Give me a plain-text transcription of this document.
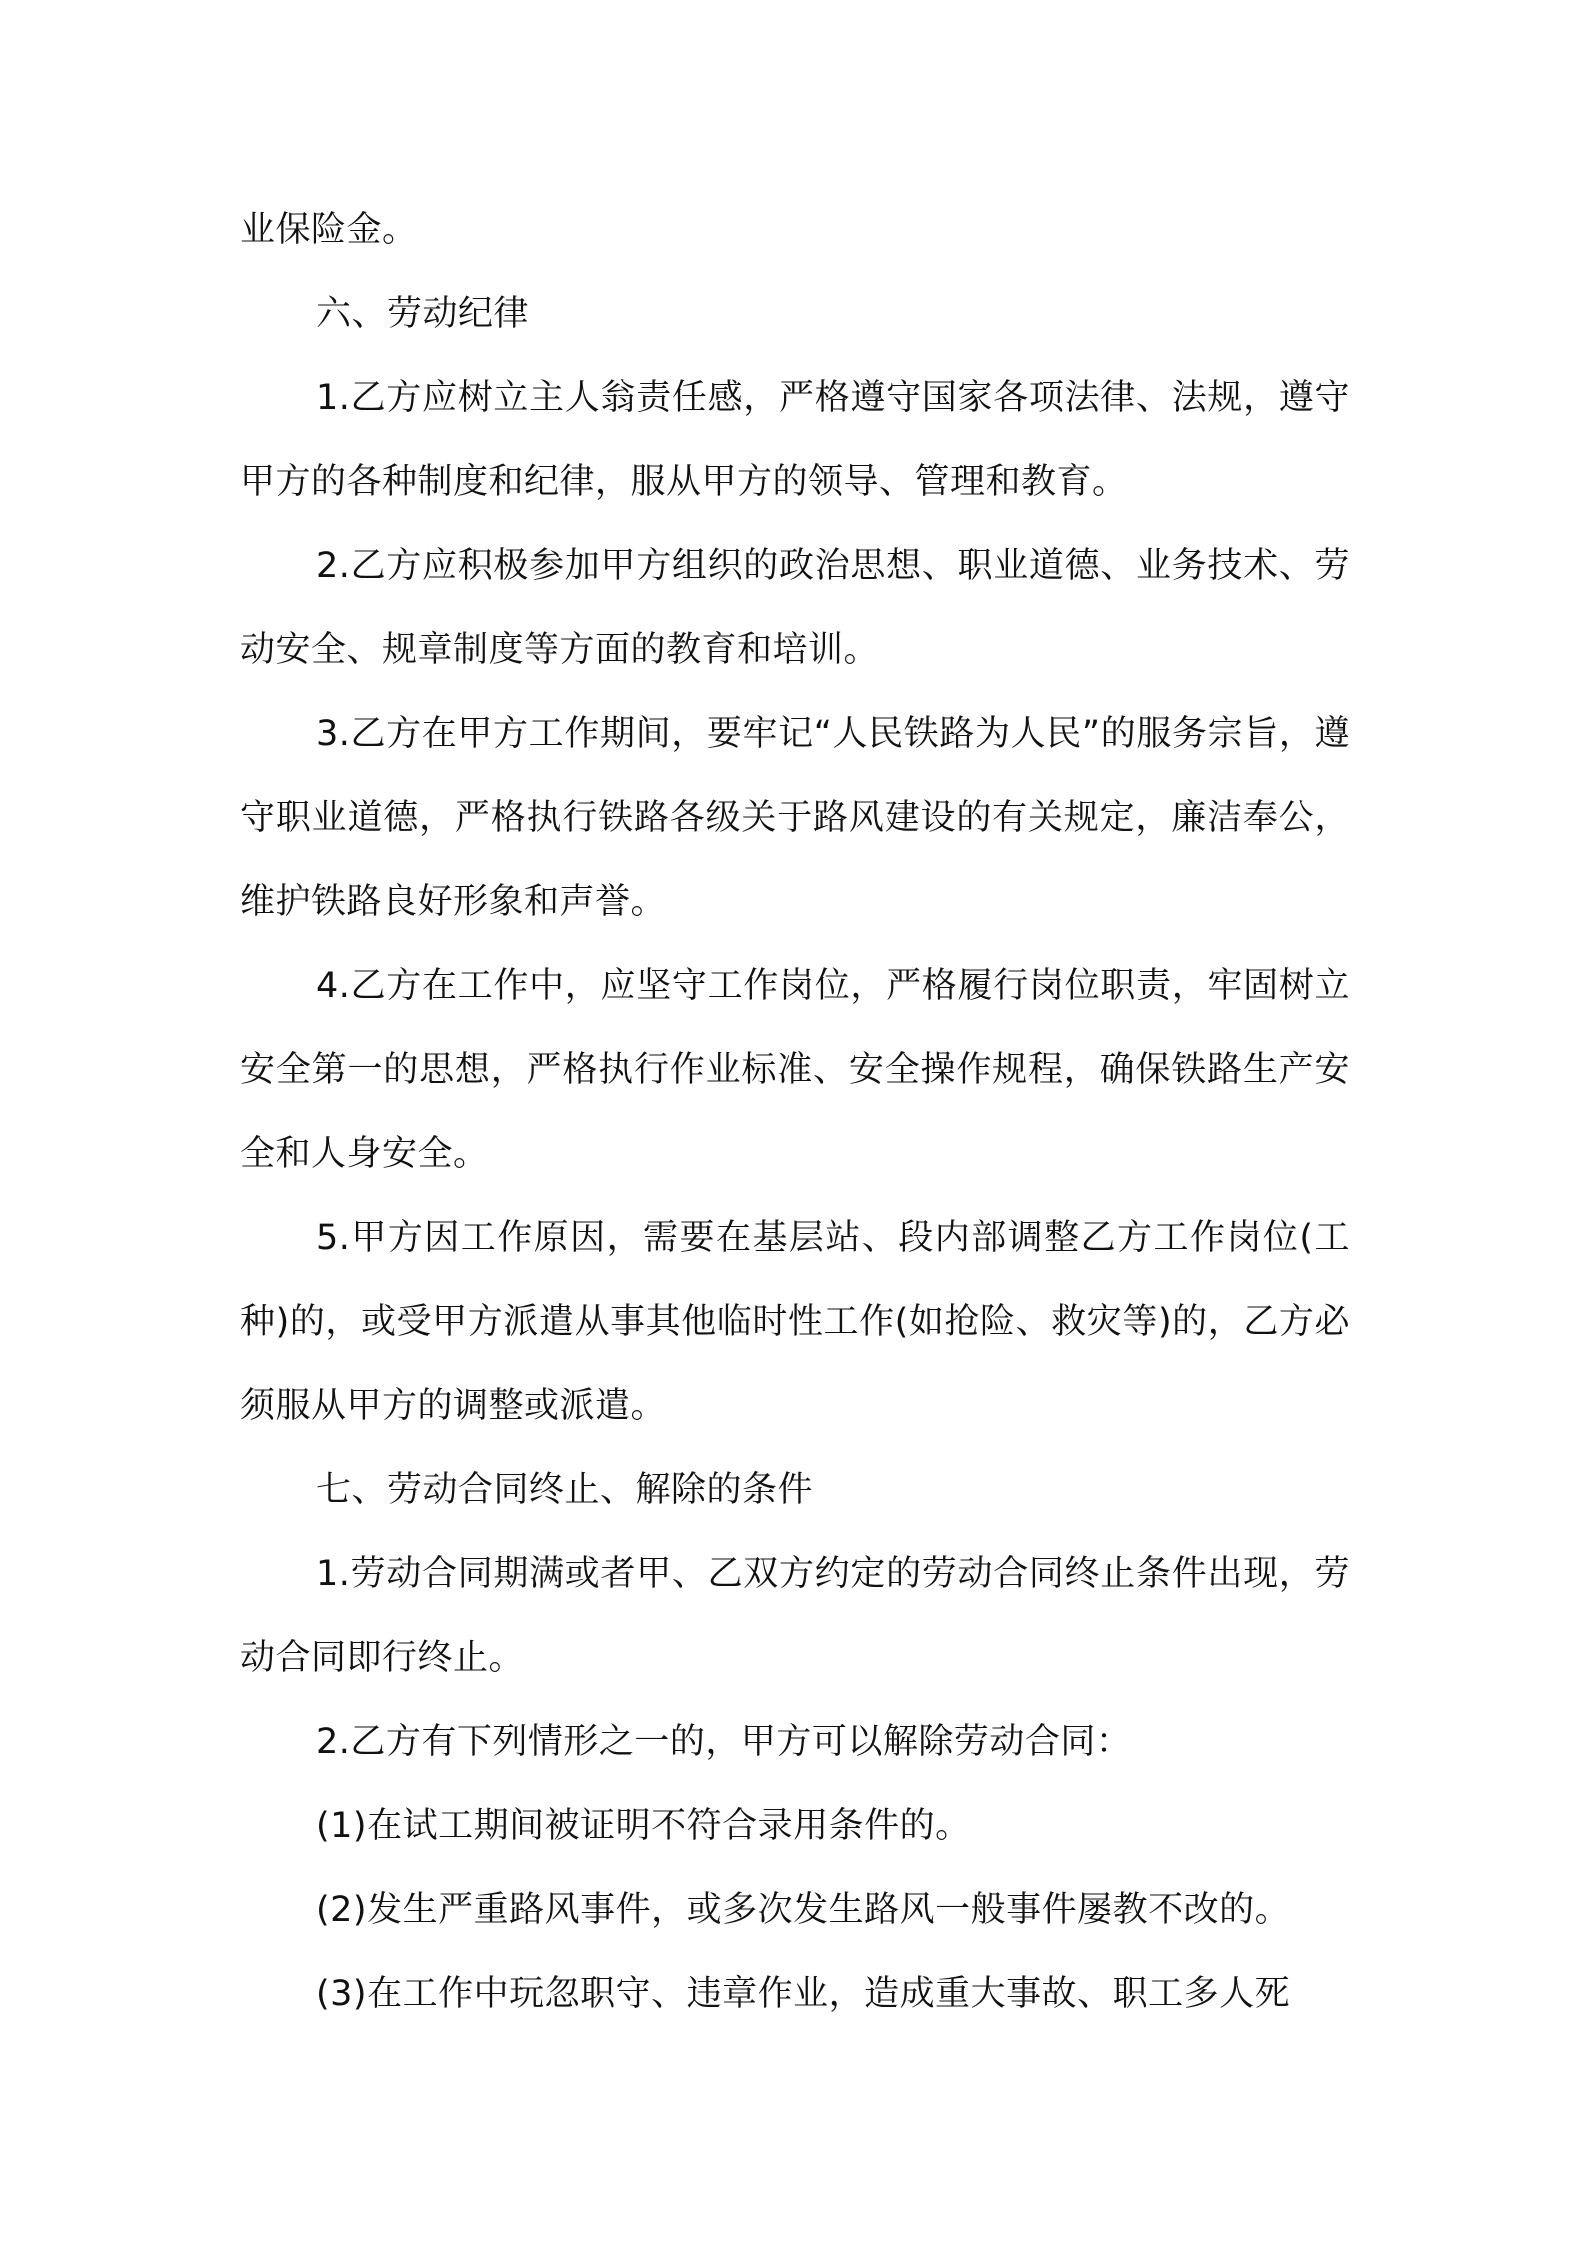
业保险金。

六、劳动纪律

1.乙方应树立主人翁责任感，严格遵守国家各项法律、法规，遵守甲方的各种制度和纪律，服从甲方的领导、管理和教育。

2.乙方应积极参加甲方组织的政治思想、职业道德、业务技术、劳动安全、规章制度等方面的教育和培训。

3.乙方在甲方工作期间，要牢记“人民铁路为人民”的服务宗旨，遵守职业道德，严格执行铁路各级关于路风建设的有关规定，廉洁奉公，维护铁路良好形象和声誉。

4.乙方在工作中，应坚守工作岗位，严格履行岗位职责，牢固树立安全第一的思想，严格执行作业标准、安全操作规程，确保铁路生产安全和人身安全。

5.甲方因工作原因，需要在基层站、段内部调整乙方工作岗位(工种)的，或受甲方派遣从事其他临时性工作(如抢险、救灾等)的，乙方必须服从甲方的调整或派遣。

七、劳动合同终止、解除的条件

1.劳动合同期满或者甲、乙双方约定的劳动合同终止条件出现，劳动合同即行终止。

2.乙方有下列情形之一的，甲方可以解除劳动合同：

(1)在试工期间被证明不符合录用条件的。

(2)发生严重路风事件，或多次发生路风一般事件屡教不改的。

(3)在工作中玩忽职守、违章作业，造成重大事故、职工多人死
